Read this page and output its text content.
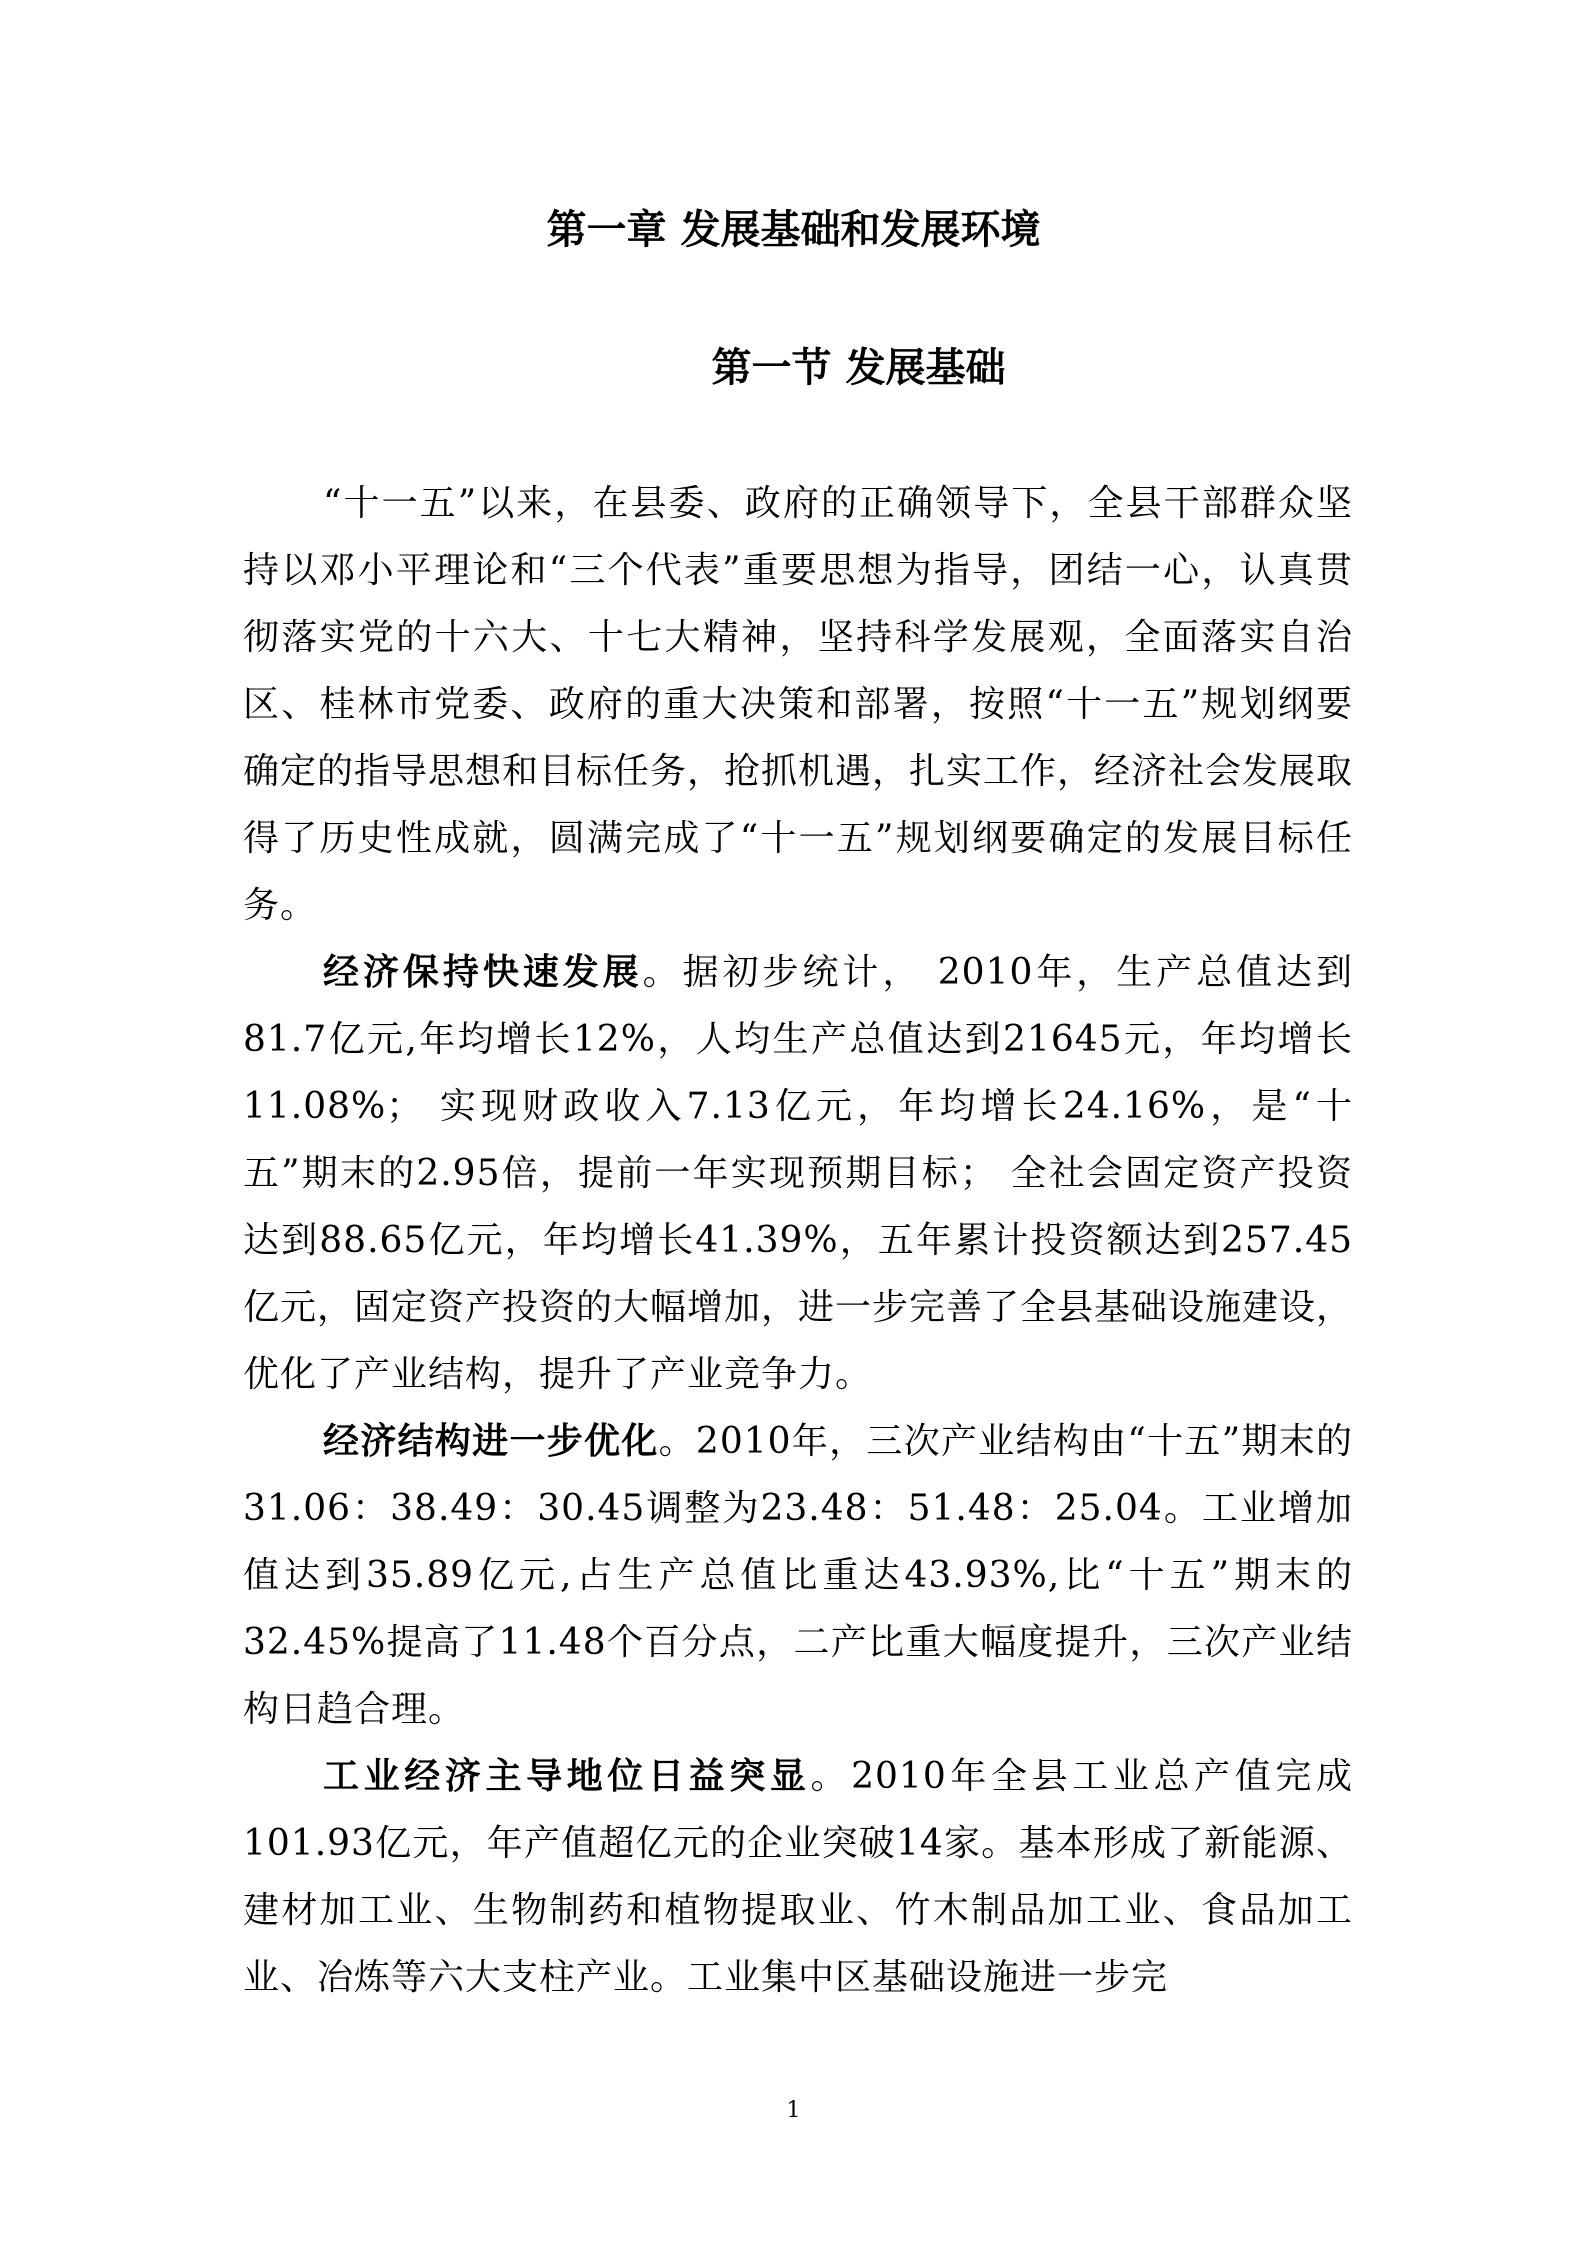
第一章 发展基础和发展环境
第一节 发展基础

“十一五”以来，在县委、政府的正确领导下，全县干部群众坚持以邓小平理论和“三个代表”重要思想为指导，团结一心，认真贯彻落实党的十六大、十七大精神，坚持科学发展观，全面落实自治区、桂林市党委、政府的重大决策和部署，按照“十一五”规划纲要确定的指导思想和目标任务，抢抓机遇，扎实工作，经济社会发展取得了历史性成就，圆满完成了“十一五”规划纲要确定的发展目标任务。

经济保持快速发展。据初步统计， 2010年，生产总值达到81.7亿元,年均增长12%，人均生产总值达到21645元，年均增长11.08%； 实现财政收入7.13亿元，年均增长24.16%，是“十五”期末的2.95倍，提前一年实现预期目标； 全社会固定资产投资达到88.65亿元，年均增长41.39%，五年累计投资额达到257.45亿元，固定资产投资的大幅增加，进一步完善了全县基础设施建设，优化了产业结构，提升了产业竞争力。

经济结构进一步优化。2010年，三次产业结构由“十五”期末的31.06：38.49：30.45调整为23.48：51.48：25.04。工业增加值达到35.89亿元,占生产总值比重达43.93%,比“十五”期末的32.45%提高了11.48个百分点，二产比重大幅度提升，三次产业结构日趋合理。

工业经济主导地位日益突显。2010年全县工业总产值完成101.93亿元，年产值超亿元的企业突破14家。基本形成了新能源、建材加工业、生物制药和植物提取业、竹木制品加工业、食品加工业、冶炼等六大支柱产业。工业集中区基础设施进一步完

1
